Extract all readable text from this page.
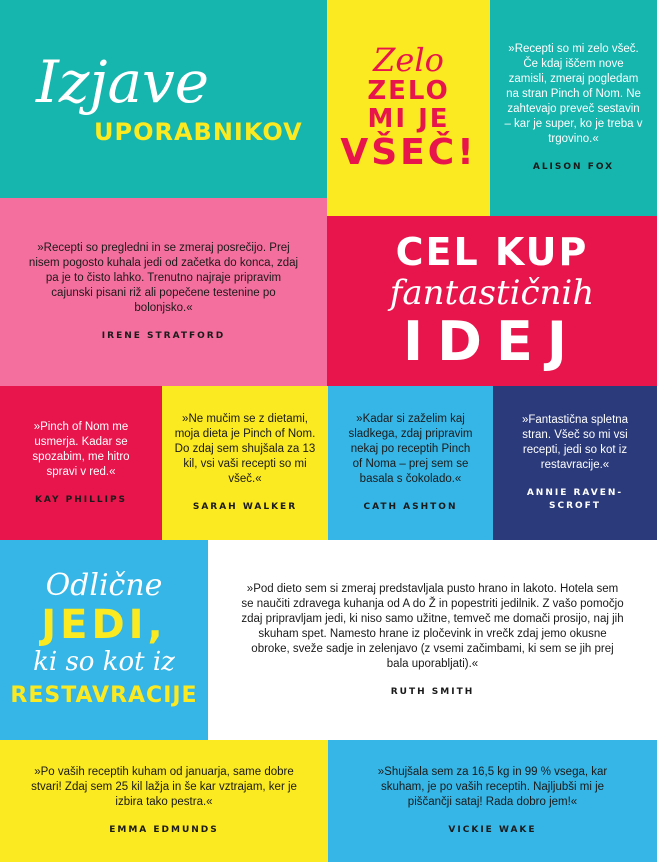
Izjave
UPORABNIKOV
Zelo
ZELO
MI JE
VŠEČ!

»Recepti so mi zelo všeč. Če kdaj iščem nove zamisli, zmeraj pogledam na stran Pinch of Nom. Ne zahtevajo preveč sestavin – kar je super, ko je treba v trgovino.«

ALISON FOX

»Recepti so pregledni in se zmeraj posrečijo. Prej nisem pogosto kuhala jedi od začetka do konca, zdaj pa je to čisto lahko. Trenutno najraje pripravim cajunski pisani riž ali popečene testenine po bolonjsko.«

IRENE STRATFORD
CEL KUP
fantastičnih
IDEJ

»Pinch of Nom me usmerja. Kadar se spozabim, me hitro spravi v red.«

KAY PHILLIPS

»Ne mučim se z dietami, moja dieta je Pinch of Nom. Do zdaj sem shujšala za 13 kil, vsi vaši recepti so mi všeč.«

SARAH WALKER

»Kadar si zaželim kaj sladkega, zdaj pripravim nekaj po receptih Pinch of Noma – prej sem se basala s čokolado.«

CATH ASHTON

»Fantastična spletna stran. Všeč so mi vsi recepti, jedi so kot iz restavracije.«

ANNIE RAVEN-SCROFT
Odlične
JEDI,
ki so kot iz
RESTAVRACIJE

»Pod dieto sem si zmeraj predstavljala pusto hrano in lakoto. Hotela sem se naučiti zdravega kuhanja od A do Ž in popestriti jedilnik. Z vašo pomočjo zdaj pripravljam jedi, ki niso samo užitne, temveč me domači prosijo, naj jih skuham spet. Namesto hrane iz pločevink in vrečk zdaj jemo okusne obroke, sveže sadje in zelenjavo (z vsemi začimbami, ki sem se jih prej bala uporabljati).«

RUTH SMITH

»Po vaših receptih kuham od januarja, same dobre stvari! Zdaj sem 25 kil lažja in še kar vztrajam, ker je izbira tako pestra.«

EMMA EDMUNDS

»Shujšala sem za 16,5 kg in 99 % vsega, kar skuham, je po vaših receptih. Najljubši mi je piščančji sataj! Rada dobro jem!«

VICKIE WAKE
